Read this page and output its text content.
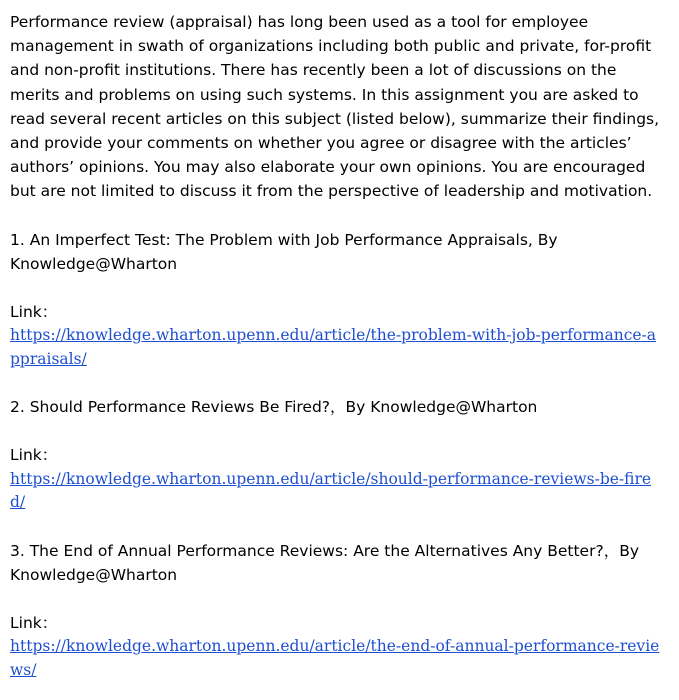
Performance review (appraisal) has long been used as a tool for employee management in swath of organizations including both public and private, for-profit and non-profit institutions. There has recently been a lot of discussions on the merits and problems on using such systems. In this assignment you are asked to read several recent articles on this subject (listed below), summarize their findings, and provide your comments on whether you agree or disagree with the articles’ authors’ opinions. You may also elaborate your own opinions. You are encouraged but are not limited to discuss it from the perspective of leadership and motivation.

1. An Imperfect Test: The Problem with Job Performance Appraisals, By Knowledge@Wharton

Link：

https://knowledge.wharton.upenn.edu/article/the-problem-with-job-performance-appraisals/

2. Should Performance Reviews Be Fired?，By Knowledge@Wharton

Link：

https://knowledge.wharton.upenn.edu/article/should-performance-reviews-be-fired/

3. The End of Annual Performance Reviews: Are the Alternatives Any Better?，By Knowledge@Wharton

Link：

https://knowledge.wharton.upenn.edu/article/the-end-of-annual-performance-reviews/
